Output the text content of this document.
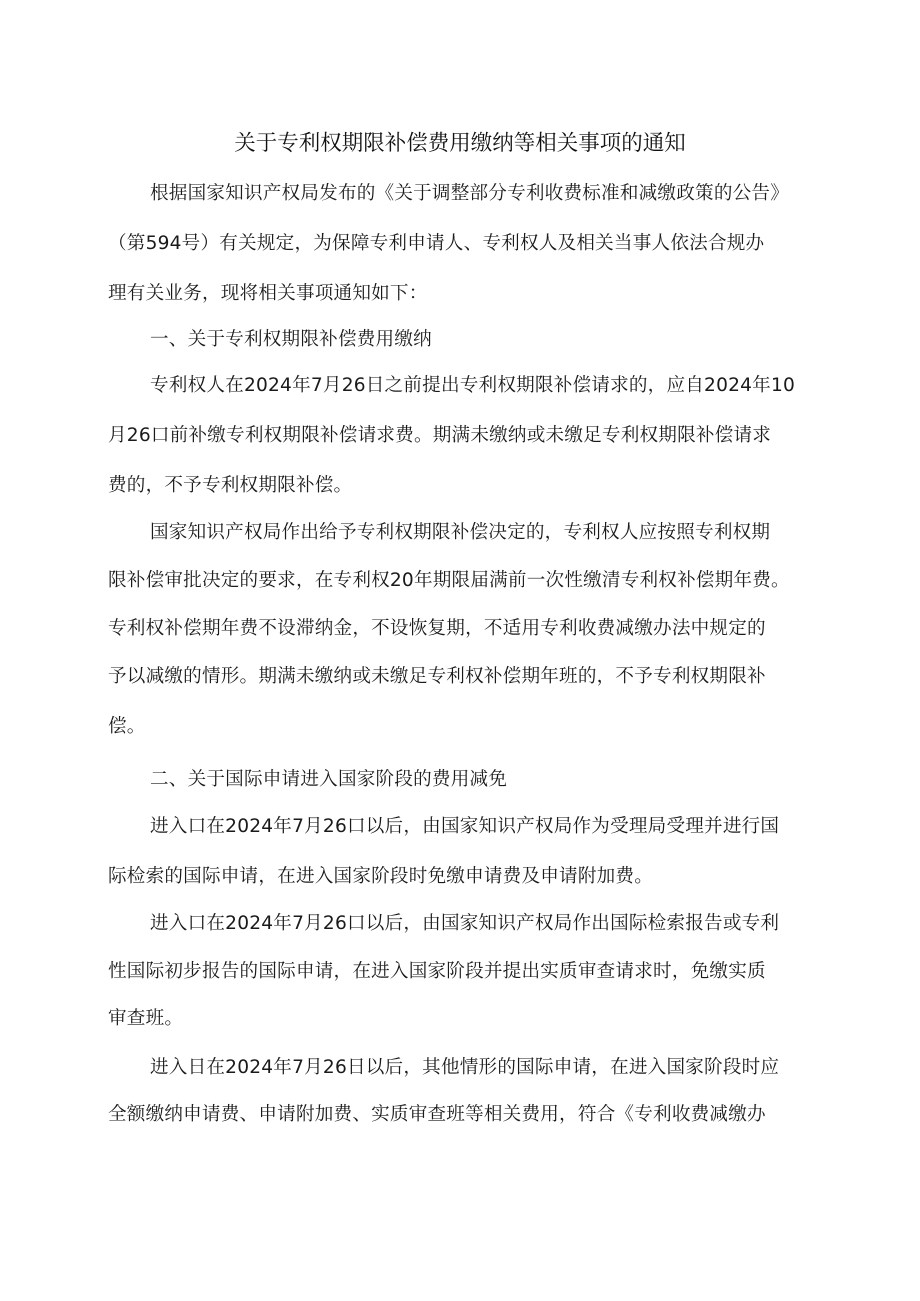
关于专利权期限补偿费用缴纳等相关事项的通知
根据国家知识产权局发布的《关于调整部分专利收费标准和减缴政策的公告》
（第594号）有关规定，为保障专利申请人、专利权人及相关当事人依法合规办
理有关业务，现将相关事项通知如下：
一、关于专利权期限补偿费用缴纳
专利权人在2024年7月26日之前提出专利权期限补偿请求的，应自2024年10
月26口前补缴专利权期限补偿请求费。期满未缴纳或未缴足专利权期限补偿请求
费的，不予专利权期限补偿。
国家知识产权局作出给予专利权期限补偿决定的，专利权人应按照专利权期
限补偿审批决定的要求，在专利权20年期限届满前一次性缴清专利权补偿期年费。
专利权补偿期年费不设滞纳金，不设恢复期，不适用专利收费减缴办法中规定的
予以减缴的情形。期满未缴纳或未缴足专利权补偿期年班的，不予专利权期限补
偿。
二、关于国际申请进入国家阶段的费用减免
进入口在2024年7月26口以后，由国家知识产权局作为受理局受理并进行国
际检索的国际申请，在进入国家阶段时免缴申请费及申请附加费。
进入口在2024年7月26口以后，由国家知识产权局作出国际检索报告或专利
性国际初步报告的国际申请，在进入国家阶段并提出实质审查请求时，免缴实质
审查班。
进入日在2024年7月26日以后，其他情形的国际申请，在进入国家阶段时应
全额缴纳申请费、申请附加费、实质审查班等相关费用，符合《专利收费减缴办
